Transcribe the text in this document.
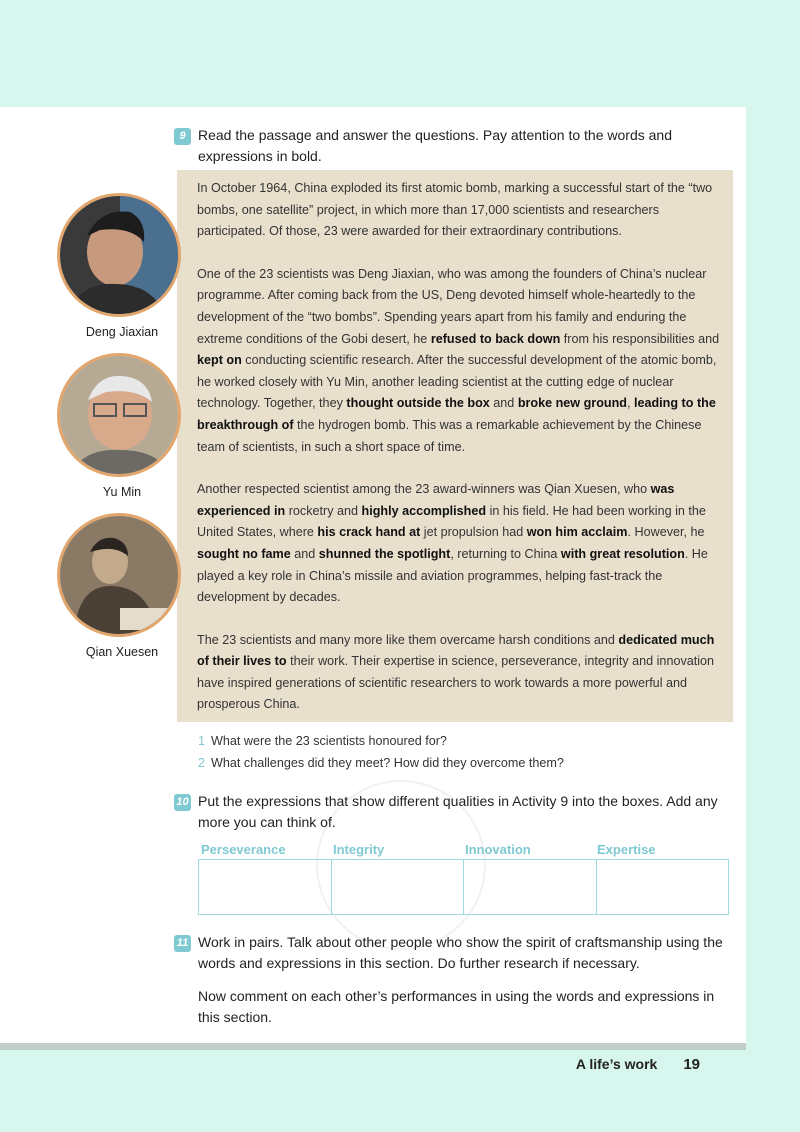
9 Read the passage and answer the questions. Pay attention to the words and expressions in bold.

In October 1964, China exploded its first atomic bomb, marking a successful start of the “two bombs, one satellite” project, in which more than 17,000 scientists and researchers participated. Of those, 23 were awarded for their extraordinary contributions.

One of the 23 scientists was Deng Jiaxian, who was among the founders of China’s nuclear programme. After coming back from the US, Deng devoted himself whole-heartedly to the development of the “two bombs”. Spending years apart from his family and enduring the extreme conditions of the Gobi desert, he refused to back down from his responsibilities and kept on conducting scientific research. After the successful development of the atomic bomb, he worked closely with Yu Min, another leading scientist at the cutting edge of nuclear technology. Together, they thought outside the box and broke new ground, leading to the breakthrough of the hydrogen bomb. This was a remarkable achievement by the Chinese team of scientists, in such a short space of time.

Another respected scientist among the 23 award-winners was Qian Xuesen, who was experienced in rocketry and highly accomplished in his field. He had been working in the United States, where his crack hand at jet propulsion had won him acclaim. However, he sought no fame and shunned the spotlight, returning to China with great resolution. He played a key role in China’s missile and aviation programmes, helping fast-track the development by decades.

The 23 scientists and many more like them overcame harsh conditions and dedicated much of their lives to their work. Their expertise in science, perseverance, integrity and innovation have inspired generations of scientific researchers to work towards a more powerful and prosperous China.

Deng Jiaxian
Yu Min
Qian Xuesen
1 What were the 23 scientists honoured for?
2 What challenges did they meet? How did they overcome them?
10 Put the expressions that show different qualities in Activity 9 into the boxes. Add any more you can think of.
Perseverance	Integrity	Innovation	Expertise
11 Work in pairs. Talk about other people who show the spirit of craftsmanship using the words and expressions in this section. Do further research if necessary.
Now comment on each other’s performances in using the words and expressions in this section.
A life’s work 19
